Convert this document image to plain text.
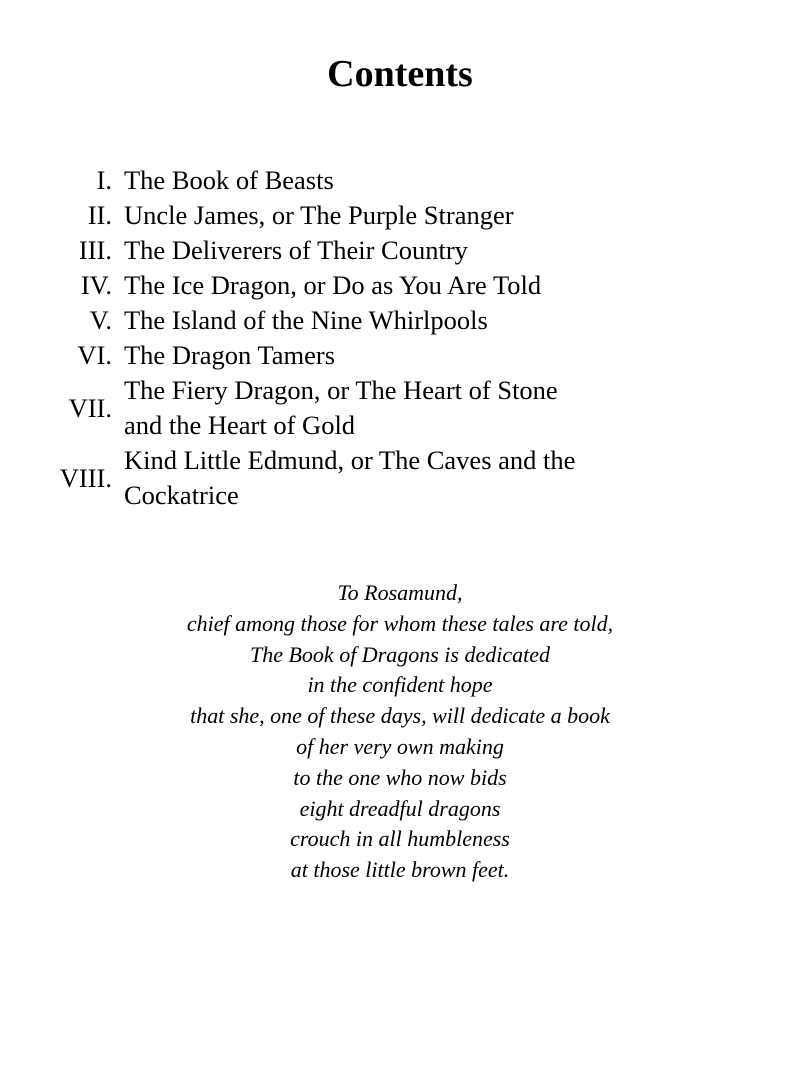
Contents
I. The Book of Beasts
II. Uncle James, or The Purple Stranger
III. The Deliverers of Their Country
IV. The Ice Dragon, or Do as You Are Told
V. The Island of the Nine Whirlpools
VI. The Dragon Tamers
VII.
The Fiery Dragon, or The Heart of Stone
and the Heart of Gold
VIII.
Kind Little Edmund, or The Caves and the
Cockatrice
To Rosamund,
chief among those for whom these tales are told,
The Book of Dragons is dedicated
in the confident hope
that she, one of these days, will dedicate a book
of her very own making
to the one who now bids
eight dreadful dragons
crouch in all humbleness
at those little brown feet.
